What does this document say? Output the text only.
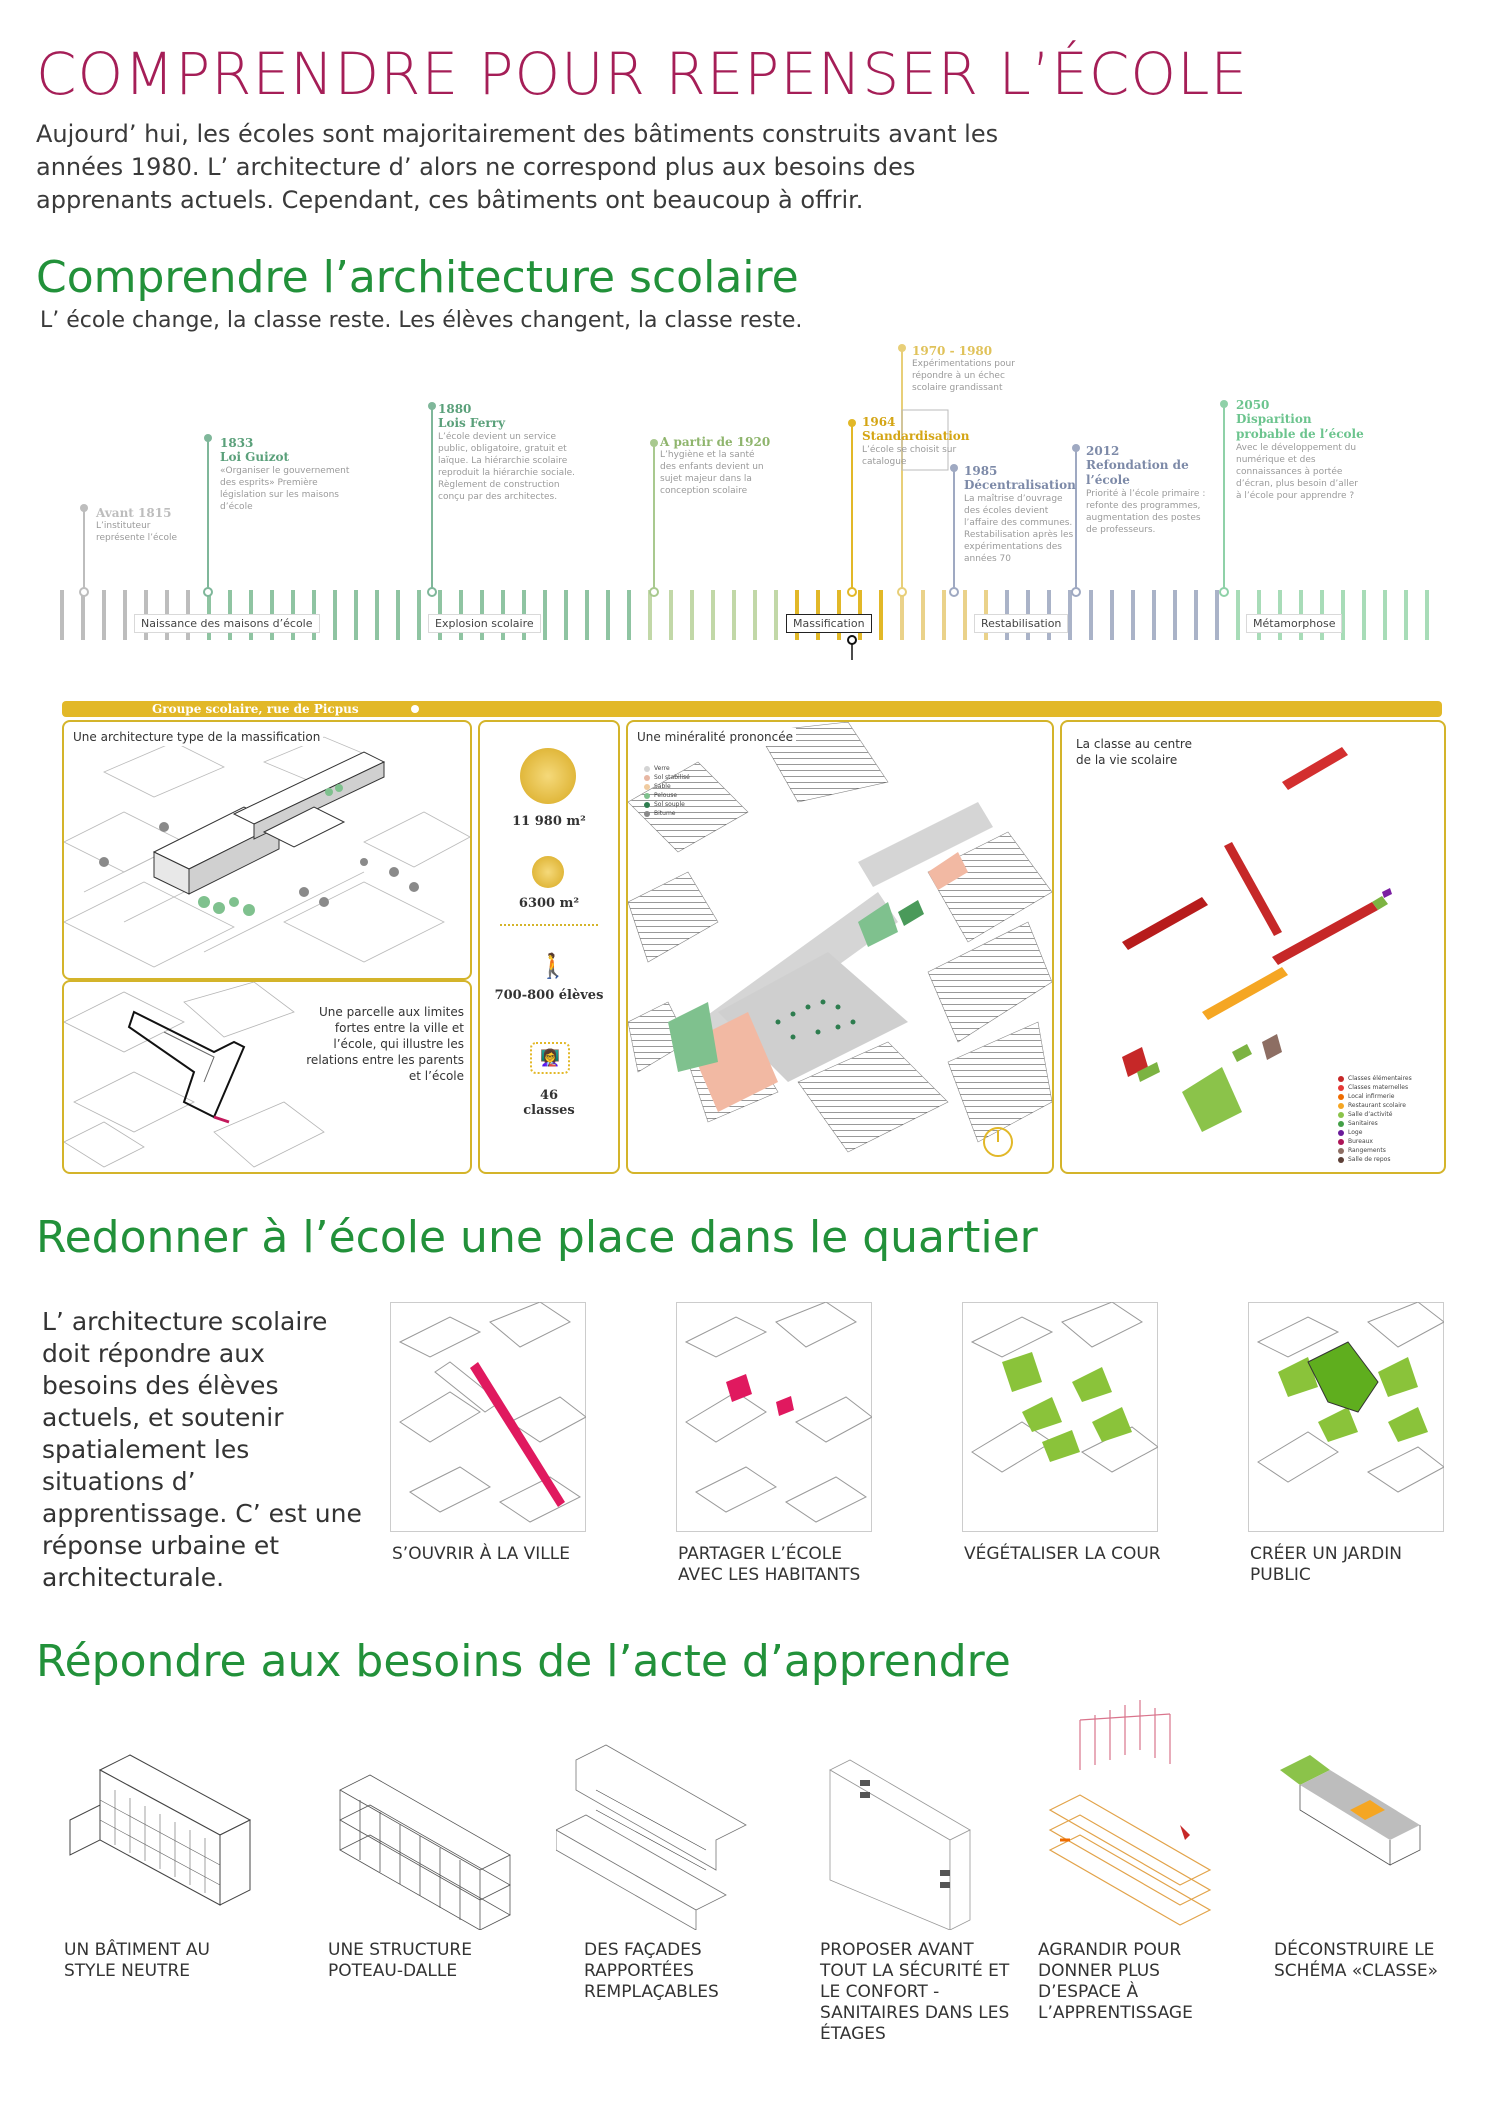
COMPRENDRE POUR REPENSER L’ÉCOLE
Aujourd’ hui, les écoles sont majoritairement des bâtiments construits avant les années 1980. L’ architecture d’ alors ne correspond plus aux besoins des apprenants actuels. Cependant, ces bâtiments ont beaucoup à offrir.
Comprendre l’architecture scolaire
L’ école change, la classe reste. Les élèves changent, la classe reste.
Avant 1815
L’instituteur représente l’école
1833
Loi Guizot
«Organiser le gouvernement des esprits» Première législation sur les maisons d’école
1880
Lois Ferry
L’école devient un service public, obligatoire, gratuit et laïque. La hiérarchie scolaire reproduit la hiérarchie sociale. Règlement de construction conçu par des architectes.
A partir de 1920
L’hygiène et la santé des enfants devient un sujet majeur dans la conception scolaire
1964
Standardisation
L’école se choisit sur catalogue
1970 - 1980
Expérimentations pour répondre à un échec scolaire grandissant
1985
Décentralisation
La maîtrise d’ouvrage des écoles devient l’affaire des communes. Restabilisation après les expérimentations des années 70
2012
Refondation de l’école
Priorité à l’école primaire : refonte des programmes, augmentation des postes de professeurs.
2050
Disparition probable de l’école
Avec le développement du numérique et des connaissances à portée d’écran, plus besoin d’aller à l’école pour apprendre ?
Naissance des maisons d’école	Explosion scolaire	Massification	Restabilisation	Métamorphose
Groupe scolaire, rue de Picpus
Une architecture type de la massification
Une parcelle aux limites fortes entre la ville et l’école, qui illustre les relations entre les parents et l’école
11 980 m²
6300 m²
🚶
700-800 élèves
👩‍🏫
46 classes
Une minéralité prononcée
Verre
Sol stabilisé
Sable
Pelouse
Sol souple
Bitume
La classe au centre de la vie scolaire
Classes élémentaires
Classes maternelles
Local infirmerie
Restaurant scolaire
Salle d’activité
Sanitaires
Loge
Bureaux
Rangements
Salle de repos
Redonner à l’école une place dans le quartier
L’ architecture scolaire doit répondre aux besoins des élèves actuels, et soutenir spatialement les situations d’ apprentissage. C’ est une réponse urbaine et architecturale.
S’OUVRIR À LA VILLE	PARTAGER L’ÉCOLE AVEC LES HABITANTS
VÉGÉTALISER LA COUR	CRÉER UN JARDIN PUBLIC
Répondre aux besoins de l’acte d’apprendre
UN BÂTIMENT AU STYLE NEUTRE
UNE STRUCTURE POTEAU-DALLE
DES FAÇADES RAPPORTÉES REMPLAÇABLES
PROPOSER AVANT TOUT LA SÉCURITÉ ET LE CONFORT - SANITAIRES DANS LES ÉTAGES
AGRANDIR POUR DONNER PLUS D’ESPACE À L’APPRENTISSAGE
DÉCONSTRUIRE LE SCHÉMA «CLASSE»
